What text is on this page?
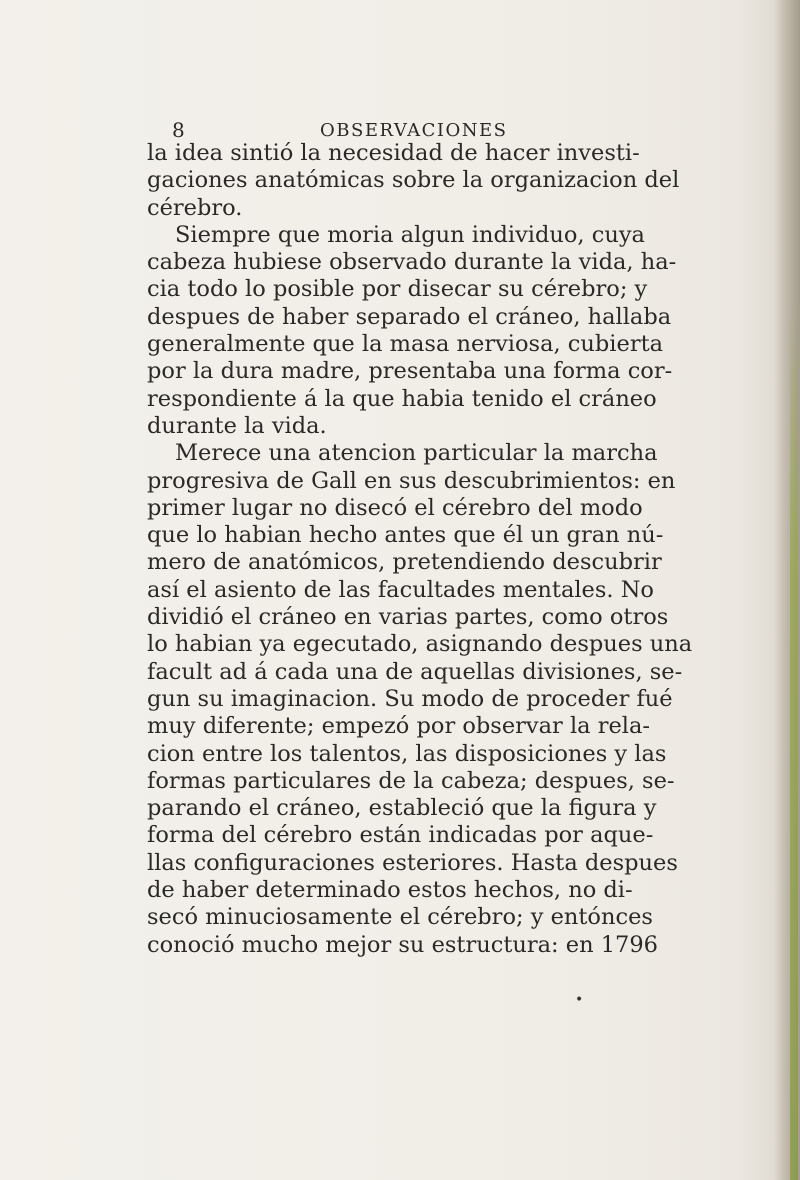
8	OBSERVACIONES
la idea sintió la necesidad de hacer investi-
gaciones anatómicas sobre la organizacion del
cérebro.
Siempre que moria algun individuo, cuya
cabeza hubiese observado durante la vida, ha-
cia todo lo posible por disecar su cérebro; y
despues de haber separado el cráneo, hallaba
generalmente que la masa nerviosa, cubierta
por la dura madre, presentaba una forma cor-
respondiente á la que habia tenido el cráneo
durante la vida.
Merece una atencion particular la marcha
progresiva de Gall en sus descubrimientos: en
primer lugar no disecó el cérebro del modo
que lo habian hecho antes que él un gran nú-
mero de anatómicos, pretendiendo descubrir
así el asiento de las facultades mentales. No
dividió el cráneo en varias partes, como otros
lo habian ya egecutado, asignando despues una
facult ad á cada una de aquellas divisiones, se-
gun su imaginacion. Su modo de proceder fué
muy diferente; empezó por observar la rela-
cion entre los talentos, las disposiciones y las
formas particulares de la cabeza; despues, se-
parando el cráneo, estableció que la figura y
forma del cérebro están indicadas por aque-
llas configuraciones esteriores. Hasta despues
de haber determinado estos hechos, no di-
secó minuciosamente el cérebro; y entónces
conoció mucho mejor su estructura: en 1796
•
